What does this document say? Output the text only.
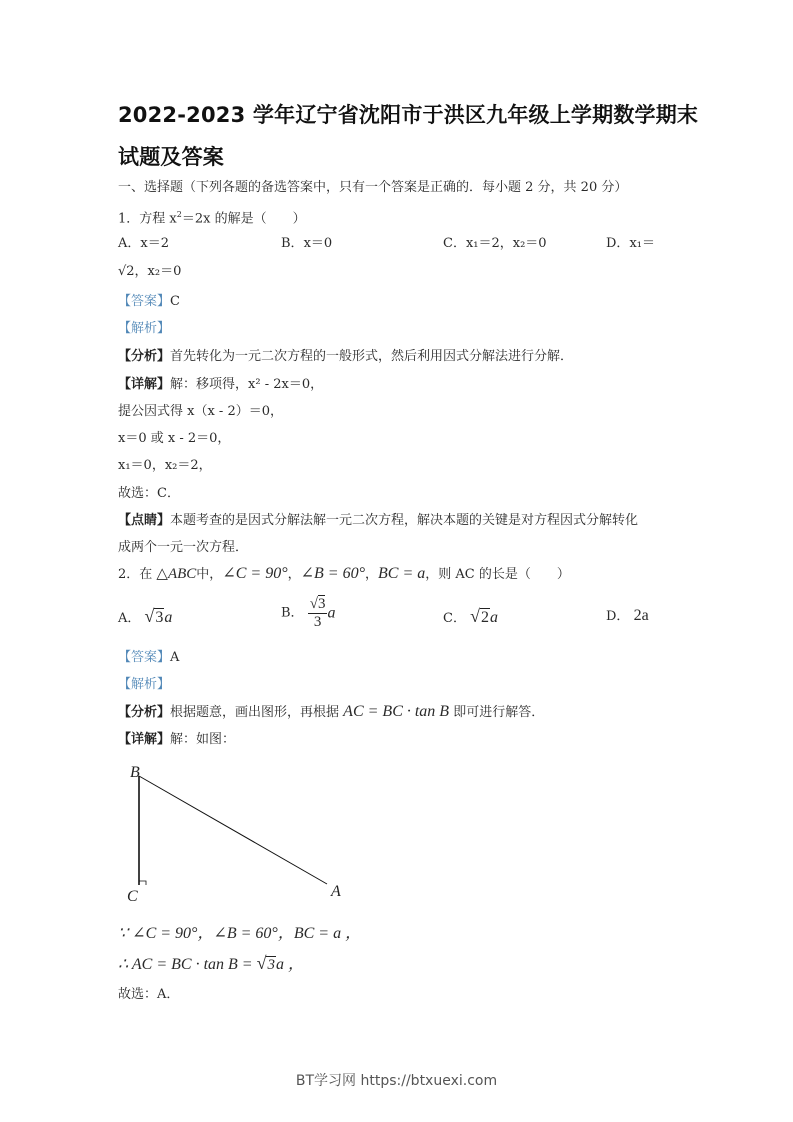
2022-2023 学年辽宁省沈阳市于洪区九年级上学期数学期末
试题及答案
一、选择题（下列各题的备选答案中，只有一个答案是正确的．每小题 2 分，共 20 分）
1．方程 $x^2=2x$ 的解是（　　）
A．x＝2	B．x＝0	C．x₁＝2，x₂＝0	D．x₁＝
√2，x₂＝0
【答案】C
【解析】
【分析】首先转化为一元二次方程的一般形式，然后利用因式分解法进行分解．
【详解】解：移项得，x² - 2x＝0，
提公因式得 x（x - 2）＝0，
x＝0 或 x - 2＝0，
x₁＝0，x₂＝2，
故选：C．
【点睛】本题考查的是因式分解法解一元二次方程，解决本题的关键是对方程因式分解转化
成两个一元一次方程．
2．在 △ABC中，∠C = 90°，∠B = 60°，BC = a，则 AC 的长是（　　）
A． √3a	B． $\frac{√3}{3}$ a	C． √2a	D． 2a
【答案】A
【解析】
【分析】根据题意，画出图形，再根据 AC = BC · tan B 即可进行解答．
【详解】解：如图：
B
C	A
∵ ∠C = 90°，∠B = 60°，BC = a ，
∴ AC = BC · tan B = √3a ，
故选：A．
BT学习网 https://btxuexi.com
